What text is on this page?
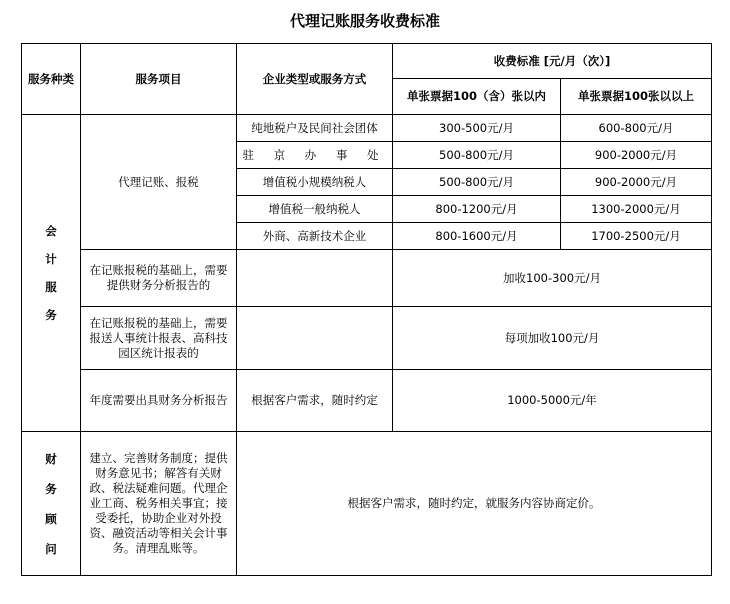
代理记账服务收费标准
服务种类	服务项目	企业类型或服务方式	收费标准 [元/月（次）]	
			单张票据100（含）张以内	单张票据100张以以上

会
计
服
务	代理记账、报税	纯地税户及民间社会团体	300-500元/月	600-800元/月
		驻 京 办 事 处	500-800元/月	900-2000元/月
		增值税小规模纳税人	500-800元/月	900-2000元/月
		增值税一般纳税人	800-1200元/月	1300-2000元/月
		外商、高新技术企业	800-1600元/月	1700-2500元/月
	在记账报税的基础上，需要提供财务分析报告的		加收100-300元/月	
	在记账报税的基础上，需要报送人事统计报表、高科技园区统计报表的		每项加收100元/月	
	年度需要出具财务分析报告	根据客户需求，随时约定	1000-5000元/年	

财
务
顾
问	建立、完善财务制度；提供财务意见书；解答有关财政、税法疑难问题。代理企业工商、税务相关事宜；接受委托，协助企业对外投资、融资活动等相关会计事务。清理乱账等。	根据客户需求，随时约定，就服务内容协商定价。		
